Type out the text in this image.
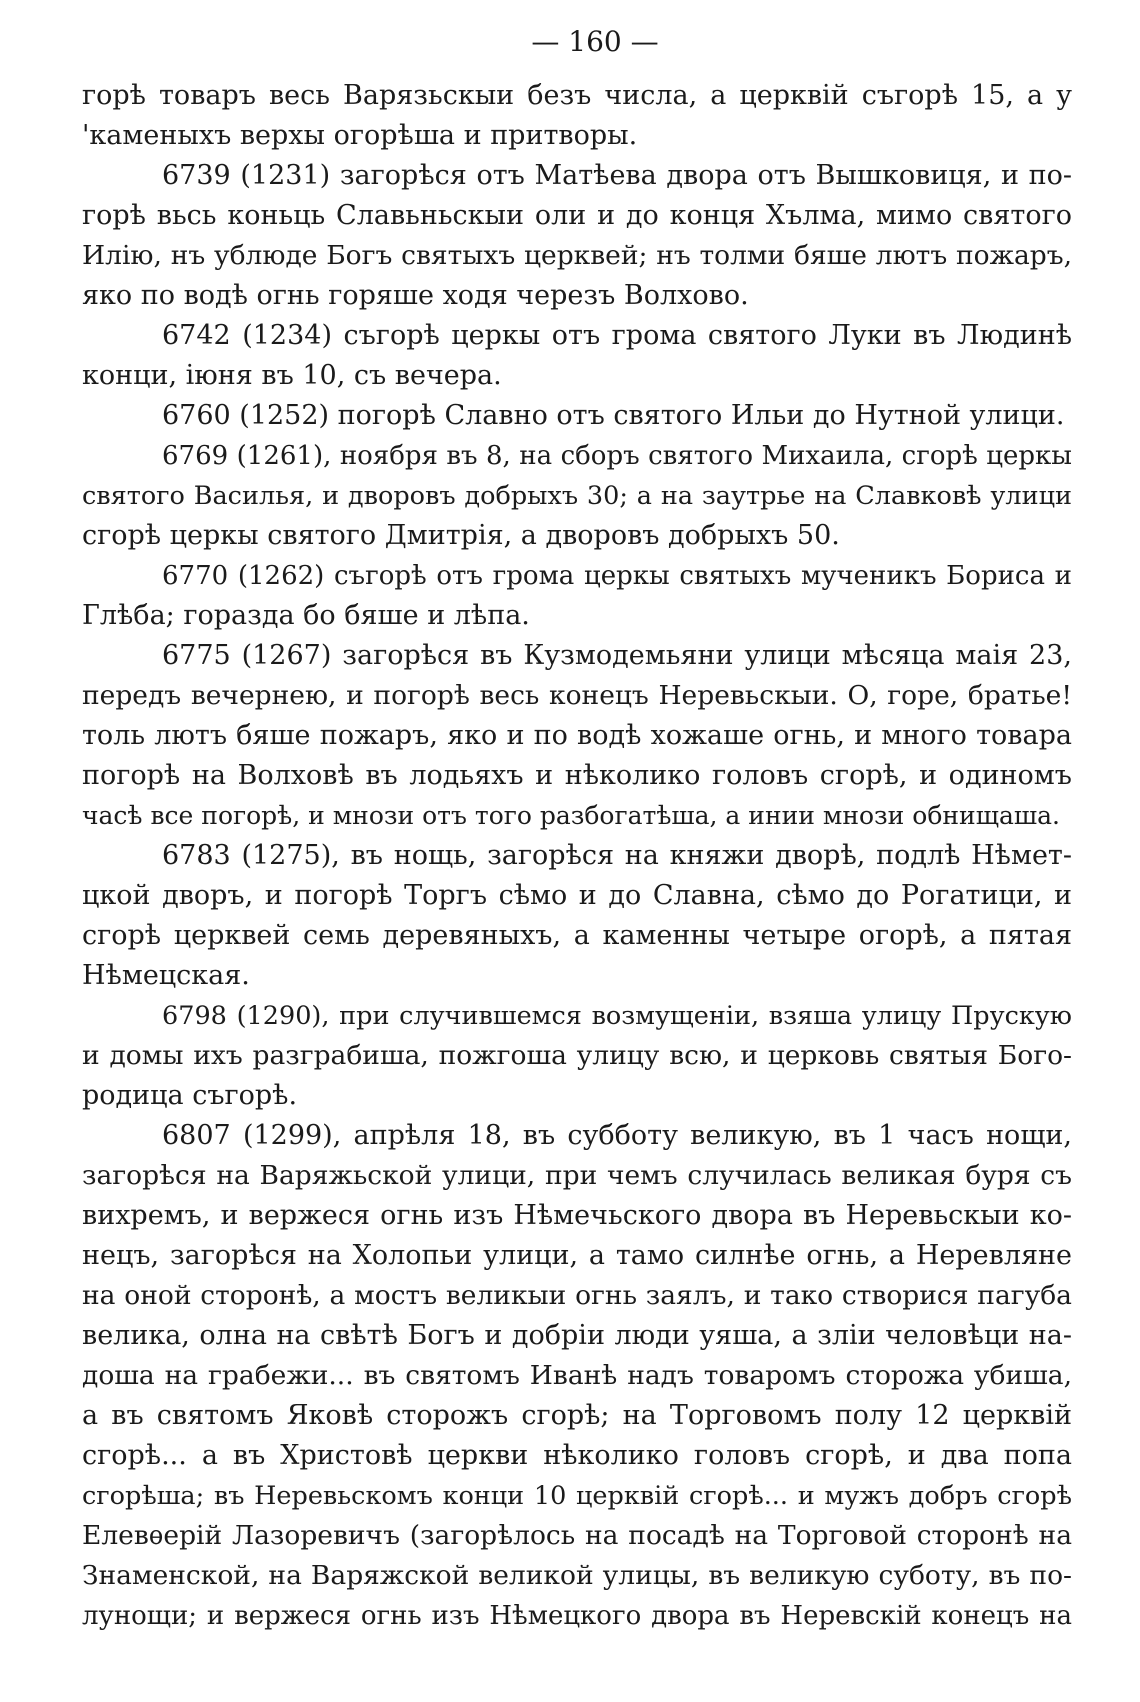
— 160 —
горѣ товаръ весь Варязьскыи безъ числа, а церквій съгорѣ 15, а у
'каменыхъ верхы огорѣша и притворы.
6739 (1231) загорѣся отъ Матѣева двора отъ Вышковиця, и по-
горѣ вьсь коньць Славьньскыи оли и до конця Хълма, мимо святого
Илію, нъ ублюде Богъ святыхъ церквей; нъ толми бяше лютъ пожаръ,
яко по водѣ огнь горяше ходя черезъ Волхово.
6742 (1234) съгорѣ церкы отъ грома святого Луки въ Людинѣ
конци, іюня въ 10, съ вечера.
6760 (1252) погорѣ Славно отъ святого Ильи до Нутной улици.
6769 (1261), ноября въ 8, на сборъ святого Михаила, сгорѣ церкы
святого Василья, и дворовъ добрыхъ 30; а на заутрье на Славковѣ улици
сгорѣ церкы святого Дмитрія, а дворовъ добрыхъ 50.
6770 (1262) съгорѣ отъ грома церкы святыхъ мученикъ Бориса и
Глѣба; горазда бо бяше и лѣпа.
6775 (1267) загорѣся въ Кузмодемьяни улици мѣсяца маія 23,
передъ вечернею, и погорѣ весь конецъ Неревьскыи. О, горе, братье!
толь лютъ бяше пожаръ, яко и по водѣ хожаше огнь, и много товара
погорѣ на Волховѣ въ лодьяхъ и нѣколико головъ сгорѣ, и одиномъ
часѣ все погорѣ, и мнози отъ того разбогатѣша, а инии мнози обнищаша.
6783 (1275), въ нощь, загорѣся на княжи дворѣ, подлѣ Нѣмет-
цкой дворъ, и погорѣ Торгъ сѣмо и до Славна, сѣмо до Рогатици, и
сгорѣ церквей семь деревяныхъ, а каменны четыре огорѣ, а пятая
Нѣмецская.
6798 (1290), при случившемся возмущеніи, взяша улицу Прускую
и домы ихъ разграбиша, пожгоша улицу всю, и церковь святыя Бого-
родица съгорѣ.
6807 (1299), апрѣля 18, въ субботу великую, въ 1 часъ нощи,
загорѣся на Варяжьской улици, при чемъ случилась великая буря съ
вихремъ, и вержеся огнь изъ Нѣмечьского двора въ Неревьскыи ко-
нецъ, загорѣся на Холопьи улици, а тамо силнѣе огнь, а Неревляне
на оной сторонѣ, а мостъ великыи огнь заялъ, и тако створися пагуба
велика, олна на свѣтѣ Богъ и добріи люди уяша, а зліи человѣци на-
доша на грабежи... въ святомъ Иванѣ надъ товаромъ сторожа убиша,
а въ святомъ Яковѣ сторожъ сгорѣ; на Торговомъ полу 12 церквій
сгорѣ... а въ Христовѣ церкви нѣколико головъ сгорѣ, и два попа
сгорѣша; въ Неревьскомъ конци 10 церквій сгорѣ... и мужъ добръ сгорѣ
Елевѳерій Лазоревичъ (загорѣлось на посадѣ на Торговой сторонѣ на
Знаменской, на Варяжской великой улицы, въ великую суботу, въ по-
лунощи; и вержеся огнь изъ Нѣмецкого двора въ Неревскій конецъ на
